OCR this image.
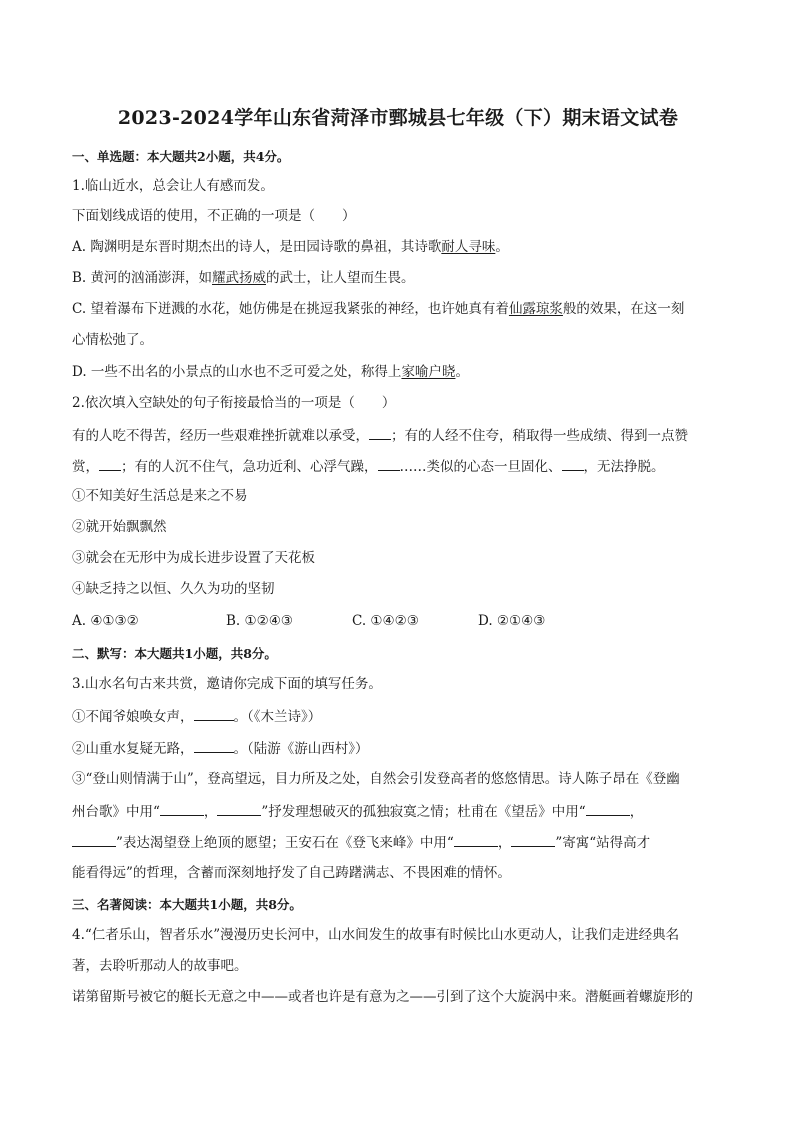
2023-2024学年山东省菏泽市鄄城县七年级（下）期末语文试卷
一、单选题：本大题共2小题，共4分。
1.临山近水，总会让人有感而发。
下面划线成语的使用，不正确的一项是（　　）
A. 陶渊明是东晋时期杰出的诗人，是田园诗歌的鼻祖，其诗歌耐人寻味。
B. 黄河的汹涌澎湃，如耀武扬威的武士，让人望而生畏。
C. 望着瀑布下迸溅的水花，她仿佛是在挑逗我紧张的神经，也许她真有着仙露琼浆般的效果，在这一刻
心情松弛了。
D. 一些不出名的小景点的山水也不乏可爱之处，称得上家喻户晓。
2.依次填入空缺处的句子衔接最恰当的一项是（　　）
有的人吃不得苦，经历一些艰难挫折就难以承受， ；有的人经不住夸，稍取得一些成绩、得到一点赞
赏， ；有的人沉不住气，急功近利、心浮气躁， ……类似的心态一旦固化、 ，无法挣脱。
①不知美好生活总是来之不易
②就开始飘飘然
③就会在无形中为成长进步设置了天花板
④缺乏持之以恒、久久为功的坚韧
A. ④①③②	B. ①②④③	C. ①④②③	D. ②①④③
二、默写：本大题共1小题，共8分。
3.山水名句古来共赏，邀请你完成下面的填写任务。
①不闻爷娘唤女声，	。（《木兰诗》）
②山重水复疑无路，	。（陆游《游山西村》）
③“登山则情满于山”，登高望远，目力所及之处，自然会引发登高者的悠悠情思。诗人陈子昂在《登幽
州台歌》中用“	，	”抒发理想破灭的孤独寂寞之情；杜甫在《望岳》中用“	，
”表达渴望登上绝顶的愿望；王安石在《登飞来峰》中用“	，	”寄寓“站得高才
能看得远”的哲理，含蓄而深刻地抒发了自己踌躇满志、不畏困难的情怀。
三、名著阅读：本大题共1小题，共8分。
4.“仁者乐山，智者乐水”漫漫历史长河中，山水间发生的故事有时候比山水更动人，让我们走进经典名
著，去聆听那动人的故事吧。
诺第留斯号被它的艇长无意之中——或者也许是有意为之——引到了这个大旋涡中来。潜艇画着螺旋形的
